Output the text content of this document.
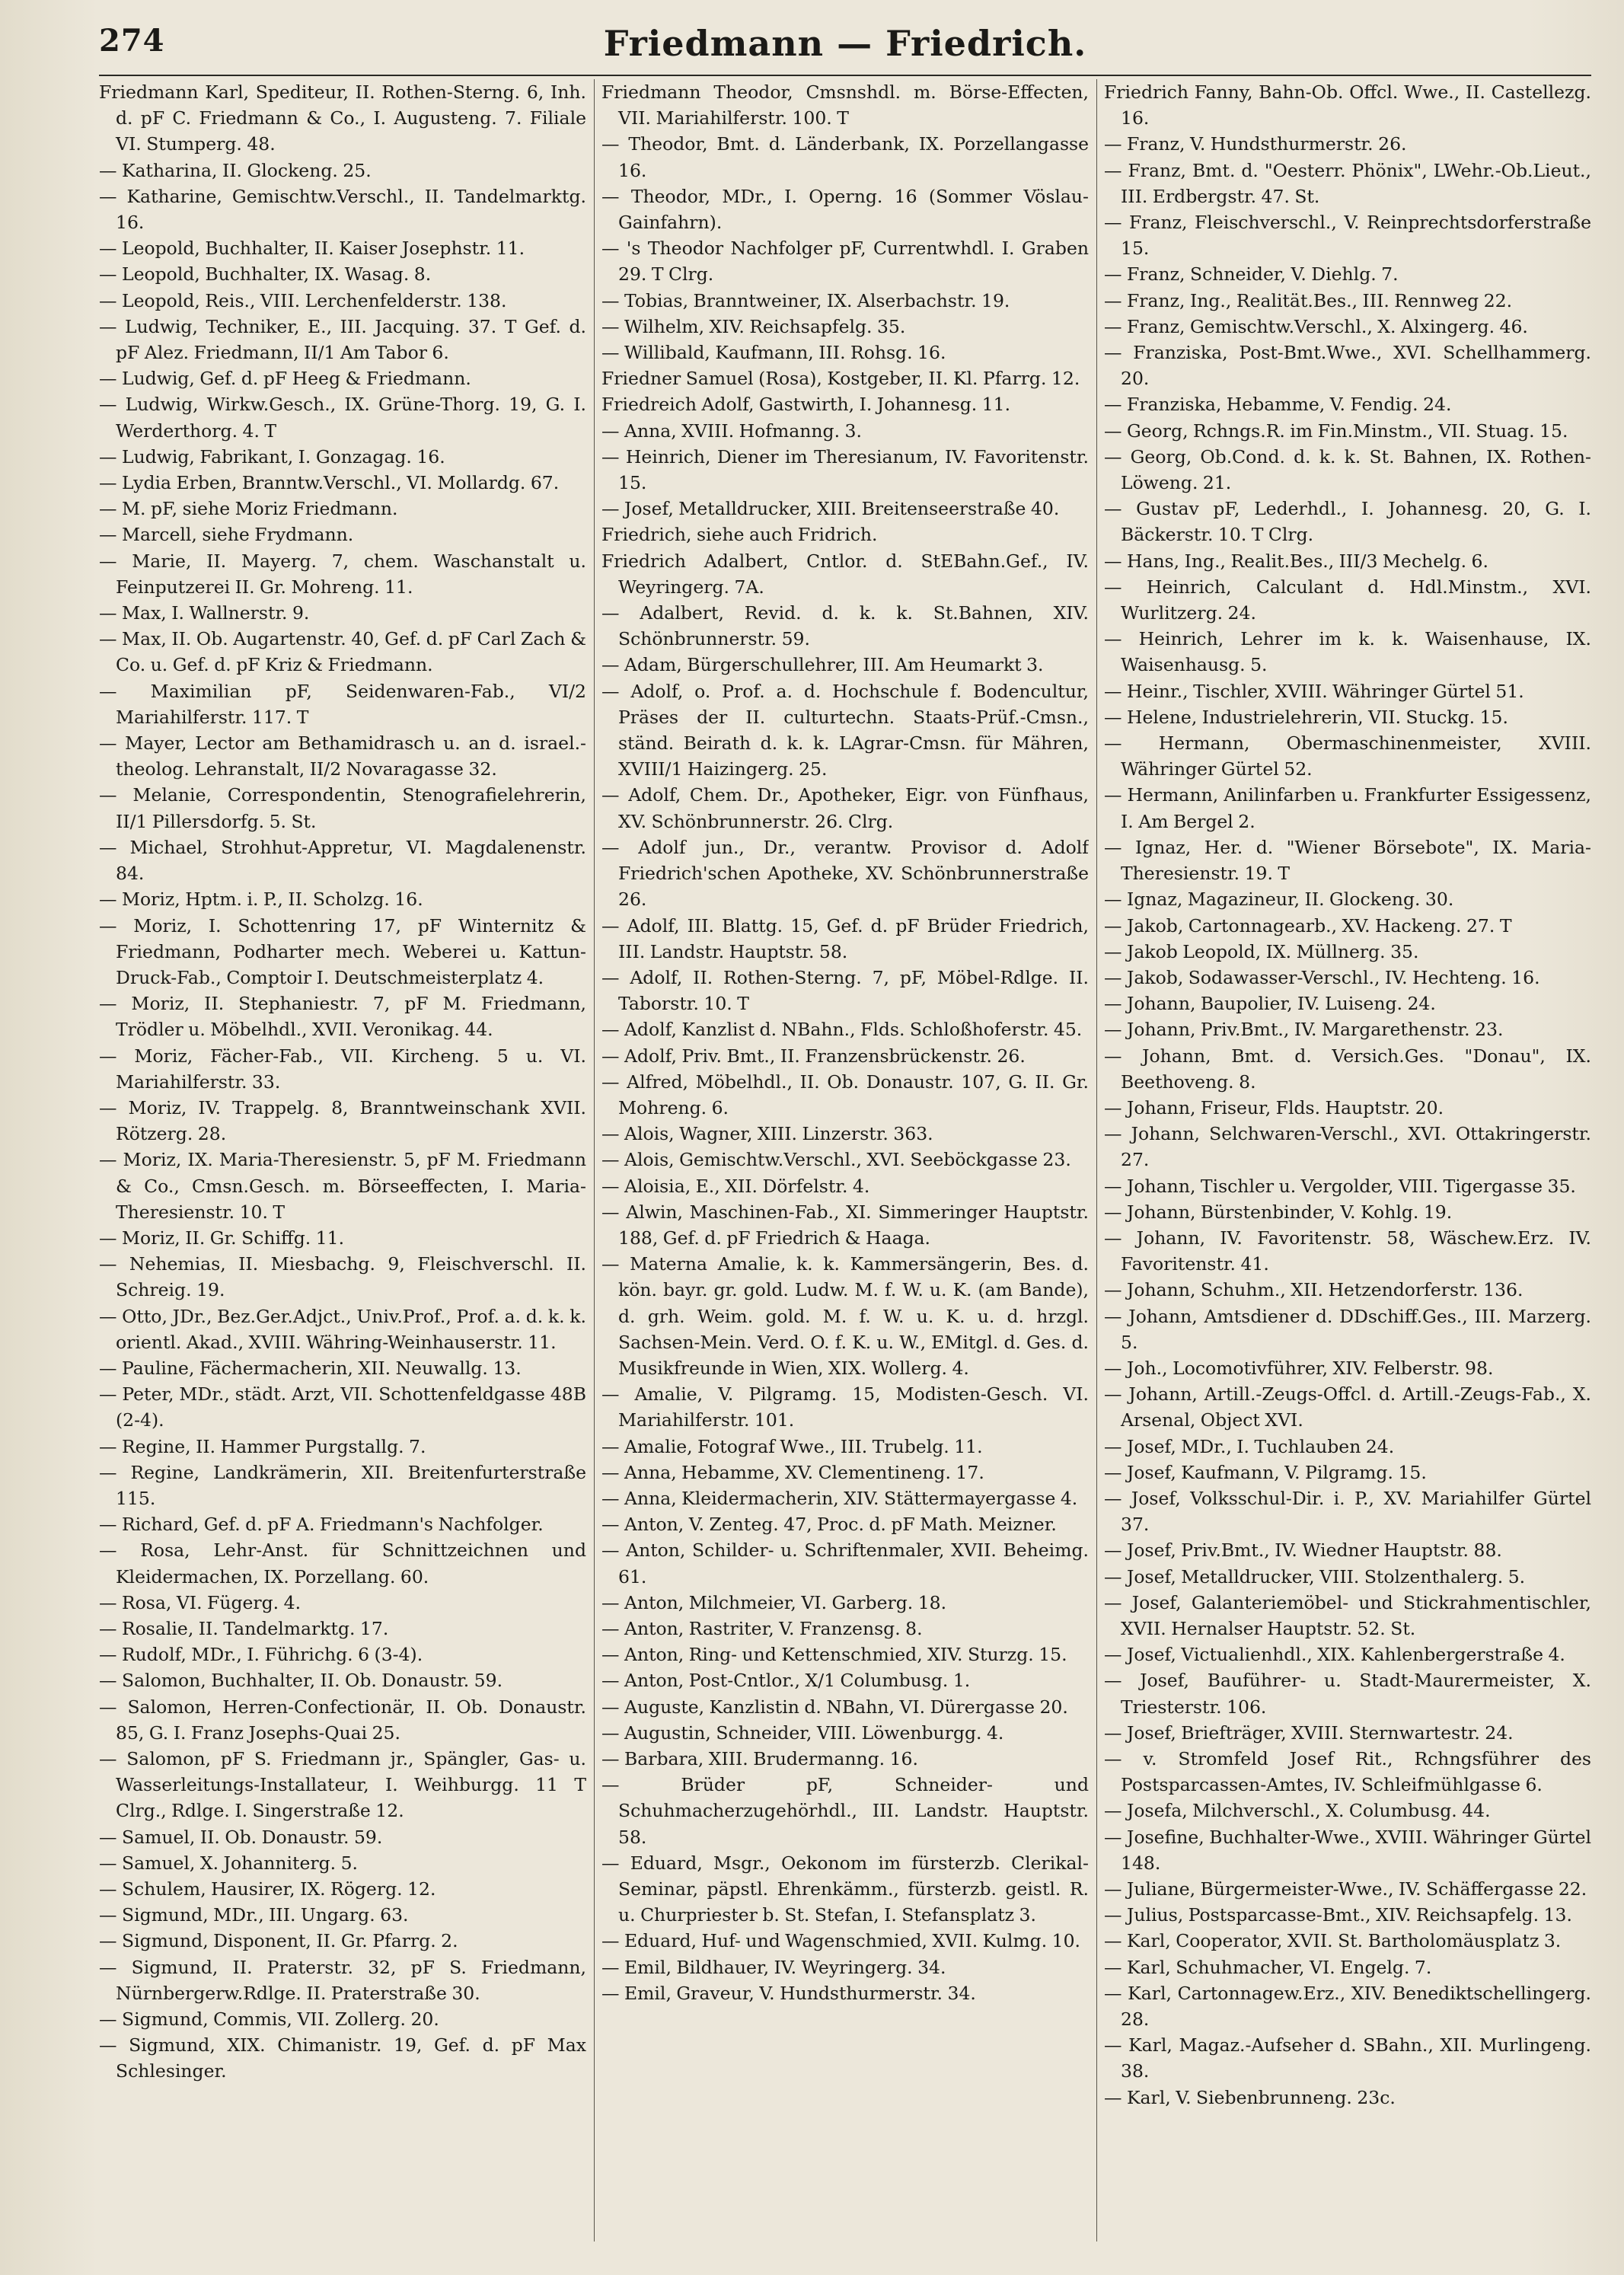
274	Friedmann — Friedrich.
Friedmann Karl, Spediteur, II. Rothen-Sterng. 6, Inh. d. pF C. Friedmann & Co., I. Augusteng. 7. Filiale VI. Stumperg. 48.
— Katharina, II. Glockeng. 25.
— Katharine, Gemischtw.Verschl., II. Tandelmarktg. 16.
— Leopold, Buchhalter, II. Kaiser Josephstr. 11.
— Leopold, Buchhalter, IX. Wasag. 8.
— Leopold, Reis., VIII. Lerchenfelderstr. 138.
— Ludwig, Techniker, E., III. Jacquing. 37. T Gef. d. pF Alez. Friedmann, II/1 Am Tabor 6.
— Ludwig, Gef. d. pF Heeg & Friedmann.
— Ludwig, Wirkw.Gesch., IX. Grüne-Thorg. 19, G. I. Werderthorg. 4. T
— Ludwig, Fabrikant, I. Gonzagag. 16.
— Lydia Erben, Branntw.Verschl., VI. Mollardg. 67.
— M. pF, siehe Moriz Friedmann.
— Marcell, siehe Frydmann.
— Marie, II. Mayerg. 7, chem. Waschanstalt u. Feinputzerei II. Gr. Mohreng. 11.
— Max, I. Wallnerstr. 9.
— Max, II. Ob. Augartenstr. 40, Gef. d. pF Carl Zach & Co. u. Gef. d. pF Kriz & Friedmann.
— Maximilian pF, Seidenwaren-Fab., VI/2 Mariahilferstr. 117. T
— Mayer, Lector am Bethamidrasch u. an d. israel.-theolog. Lehranstalt, II/2 Novaragasse 32.
— Melanie, Correspondentin, Stenografielehrerin, II/1 Pillersdorfg. 5. St.
— Michael, Strohhut-Appretur, VI. Magdalenenstr. 84.
— Moriz, Hptm. i. P., II. Scholzg. 16.
— Moriz, I. Schottenring 17, pF Winternitz & Friedmann, Podharter mech. Weberei u. Kattun-Druck-Fab., Comptoir I. Deutschmeisterplatz 4.
— Moriz, II. Stephaniestr. 7, pF M. Friedmann, Trödler u. Möbelhdl., XVII. Veronikag. 44.
— Moriz, Fächer-Fab., VII. Kircheng. 5 u. VI. Mariahilferstr. 33.
— Moriz, IV. Trappelg. 8, Branntweinschank XVII. Rötzerg. 28.
— Moriz, IX. Maria-Theresienstr. 5, pF M. Friedmann & Co., Cmsn.Gesch. m. Börseeffecten, I. Maria-Theresienstr. 10. T
— Moriz, II. Gr. Schiffg. 11.
— Nehemias, II. Miesbachg. 9, Fleischverschl. II. Schreig. 19.
— Otto, JDr., Bez.Ger.Adjct., Univ.Prof., Prof. a. d. k. k. orientl. Akad., XVIII. Währing-Weinhauserstr. 11.
— Pauline, Fächermacherin, XII. Neuwallg. 13.
— Peter, MDr., städt. Arzt, VII. Schottenfeldgasse 48B (2-4).
— Regine, II. Hammer Purgstallg. 7.
— Regine, Landkrämerin, XII. Breitenfurterstraße 115.
— Richard, Gef. d. pF A. Friedmann's Nachfolger.
— Rosa, Lehr-Anst. für Schnittzeichnen und Kleidermachen, IX. Porzellang. 60.
— Rosa, VI. Fügerg. 4.
— Rosalie, II. Tandelmarktg. 17.
— Rudolf, MDr., I. Führichg. 6 (3-4).
— Salomon, Buchhalter, II. Ob. Donaustr. 59.
— Salomon, Herren-Confectionär, II. Ob. Donaustr. 85, G. I. Franz Josephs-Quai 25.
— Salomon, pF S. Friedmann jr., Spängler, Gas- u. Wasserleitungs-Installateur, I. Weihburgg. 11 T Clrg., Rdlge. I. Singerstraße 12.
— Samuel, II. Ob. Donaustr. 59.
— Samuel, X. Johanniterg. 5.
— Schulem, Hausirer, IX. Rögerg. 12.
— Sigmund, MDr., III. Ungarg. 63.
— Sigmund, Disponent, II. Gr. Pfarrg. 2.
— Sigmund, II. Praterstr. 32, pF S. Friedmann, Nürnbergerw.Rdlge. II. Praterstraße 30.
— Sigmund, Commis, VII. Zollerg. 20.
— Sigmund, XIX. Chimanistr. 19, Gef. d. pF Max Schlesinger.
Friedmann Theodor, Cmsnshdl. m. Börse-Effecten, VII. Mariahilferstr. 100. T
— Theodor, Bmt. d. Länderbank, IX. Porzellangasse 16.
— Theodor, MDr., I. Operng. 16 (Sommer Vöslau-Gainfahrn).
— 's Theodor Nachfolger pF, Currentwhdl. I. Graben 29. T Clrg.
— Tobias, Branntweiner, IX. Alserbachstr. 19.
— Wilhelm, XIV. Reichsapfelg. 35.
— Willibald, Kaufmann, III. Rohsg. 16.
Friedner Samuel (Rosa), Kostgeber, II. Kl. Pfarrg. 12.
Friedreich Adolf, Gastwirth, I. Johannesg. 11.
— Anna, XVIII. Hofmanng. 3.
— Heinrich, Diener im Theresianum, IV. Favoritenstr. 15.
— Josef, Metalldrucker, XIII. Breitenseerstraße 40.
Friedrich, siehe auch Fridrich.
Friedrich Adalbert, Cntlor. d. StEBahn.Gef., IV. Weyringerg. 7A.
— Adalbert, Revid. d. k. k. St.Bahnen, XIV. Schönbrunnerstr. 59.
— Adam, Bürgerschullehrer, III. Am Heumarkt 3.
— Adolf, o. Prof. a. d. Hochschule f. Bodencultur, Präses der II. culturtechn. Staats-Prüf.-Cmsn., ständ. Beirath d. k. k. LAgrar-Cmsn. für Mähren, XVIII/1 Haizingerg. 25.
— Adolf, Chem. Dr., Apotheker, Eigr. von Fünfhaus, XV. Schönbrunnerstr. 26. Clrg.
— Adolf jun., Dr., verantw. Provisor d. Adolf Friedrich'schen Apotheke, XV. Schönbrunnerstraße 26.
— Adolf, III. Blattg. 15, Gef. d. pF Brüder Friedrich, III. Landstr. Hauptstr. 58.
— Adolf, II. Rothen-Sterng. 7, pF, Möbel-Rdlge. II. Taborstr. 10. T
— Adolf, Kanzlist d. NBahn., Flds. Schloßhoferstr. 45.
— Adolf, Priv. Bmt., II. Franzensbrückenstr. 26.
— Alfred, Möbelhdl., II. Ob. Donaustr. 107, G. II. Gr. Mohreng. 6.
— Alois, Wagner, XIII. Linzerstr. 363.
— Alois, Gemischtw.Verschl., XVI. Seeböckgasse 23.
— Aloisia, E., XII. Dörfelstr. 4.
— Alwin, Maschinen-Fab., XI. Simmeringer Hauptstr. 188, Gef. d. pF Friedrich & Haaga.
— Materna Amalie, k. k. Kammersängerin, Bes. d. kön. bayr. gr. gold. Ludw. M. f. W. u. K. (am Bande), d. grh. Weim. gold. M. f. W. u. K. u. d. hrzgl. Sachsen-Mein. Verd. O. f. K. u. W., EMitgl. d. Ges. d. Musikfreunde in Wien, XIX. Wollerg. 4.
— Amalie, V. Pilgramg. 15, Modisten-Gesch. VI. Mariahilferstr. 101.
— Amalie, Fotograf Wwe., III. Trubelg. 11.
— Anna, Hebamme, XV. Clementineng. 17.
— Anna, Kleidermacherin, XIV. Stättermayergasse 4.
— Anton, V. Zenteg. 47, Proc. d. pF Math. Meizner.
— Anton, Schilder- u. Schriftenmaler, XVII. Beheimg. 61.
— Anton, Milchmeier, VI. Garberg. 18.
— Anton, Rastriter, V. Franzensg. 8.
— Anton, Ring- und Kettenschmied, XIV. Sturzg. 15.
— Anton, Post-Cntlor., X/1 Columbusg. 1.
— Auguste, Kanzlistin d. NBahn, VI. Dürergasse 20.
— Augustin, Schneider, VIII. Löwenburgg. 4.
— Barbara, XIII. Brudermanng. 16.
— Brüder pF, Schneider- und Schuhmacherzugehörhdl., III. Landstr. Hauptstr. 58.
— Eduard, Msgr., Oekonom im fürsterzb. Clerikal-Seminar, päpstl. Ehrenkämm., fürsterzb. geistl. R. u. Churpriester b. St. Stefan, I. Stefansplatz 3.
— Eduard, Huf- und Wagenschmied, XVII. Kulmg. 10.
— Emil, Bildhauer, IV. Weyringerg. 34.
— Emil, Graveur, V. Hundsthurmerstr. 34.
Friedrich Fanny, Bahn-Ob. Offcl. Wwe., II. Castellezg. 16.
— Franz, V. Hundsthurmerstr. 26.
— Franz, Bmt. d. "Oesterr. Phönix", LWehr.-Ob.Lieut., III. Erdbergstr. 47. St.
— Franz, Fleischverschl., V. Reinprechtsdorferstraße 15.
— Franz, Schneider, V. Diehlg. 7.
— Franz, Ing., Realität.Bes., III. Rennweg 22.
— Franz, Gemischtw.Verschl., X. Alxingerg. 46.
— Franziska, Post-Bmt.Wwe., XVI. Schellhammerg. 20.
— Franziska, Hebamme, V. Fendig. 24.
— Georg, Rchngs.R. im Fin.Minstm., VII. Stuag. 15.
— Georg, Ob.Cond. d. k. k. St. Bahnen, IX. Rothen-Löweng. 21.
— Gustav pF, Lederhdl., I. Johannesg. 20, G. I. Bäckerstr. 10. T Clrg.
— Hans, Ing., Realit.Bes., III/3 Mechelg. 6.
— Heinrich, Calculant d. Hdl.Minstm., XVI. Wurlitzerg. 24.
— Heinrich, Lehrer im k. k. Waisenhause, IX. Waisenhausg. 5.
— Heinr., Tischler, XVIII. Währinger Gürtel 51.
— Helene, Industrielehrerin, VII. Stuckg. 15.
— Hermann, Obermaschinenmeister, XVIII. Währinger Gürtel 52.
— Hermann, Anilinfarben u. Frankfurter Essigessenz, I. Am Bergel 2.
— Ignaz, Her. d. "Wiener Börsebote", IX. Maria-Theresienstr. 19. T
— Ignaz, Magazineur, II. Glockeng. 30.
— Jakob, Cartonnagearb., XV. Hackeng. 27. T
— Jakob Leopold, IX. Müllnerg. 35.
— Jakob, Sodawasser-Verschl., IV. Hechteng. 16.
— Johann, Baupolier, IV. Luiseng. 24.
— Johann, Priv.Bmt., IV. Margarethenstr. 23.
— Johann, Bmt. d. Versich.Ges. "Donau", IX. Beethoveng. 8.
— Johann, Friseur, Flds. Hauptstr. 20.
— Johann, Selchwaren-Verschl., XVI. Ottakringerstr. 27.
— Johann, Tischler u. Vergolder, VIII. Tigergasse 35.
— Johann, Bürstenbinder, V. Kohlg. 19.
— Johann, IV. Favoritenstr. 58, Wäschew.Erz. IV. Favoritenstr. 41.
— Johann, Schuhm., XII. Hetzendorferstr. 136.
— Johann, Amtsdiener d. DDschiff.Ges., III. Marzerg. 5.
— Joh., Locomotivführer, XIV. Felberstr. 98.
— Johann, Artill.-Zeugs-Offcl. d. Artill.-Zeugs-Fab., X. Arsenal, Object XVI.
— Josef, MDr., I. Tuchlauben 24.
— Josef, Kaufmann, V. Pilgramg. 15.
— Josef, Volksschul-Dir. i. P., XV. Mariahilfer Gürtel 37.
— Josef, Priv.Bmt., IV. Wiedner Hauptstr. 88.
— Josef, Metalldrucker, VIII. Stolzenthalerg. 5.
— Josef, Galanteriemöbel- und Stickrahmentischler, XVII. Hernalser Hauptstr. 52. St.
— Josef, Victualienhdl., XIX. Kahlenbergerstraße 4.
— Josef, Bauführer- u. Stadt-Maurermeister, X. Triesterstr. 106.
— Josef, Briefträger, XVIII. Sternwartestr. 24.
— v. Stromfeld Josef Rit., Rchngsführer des Postsparcassen-Amtes, IV. Schleifmühlgasse 6.
— Josefa, Milchverschl., X. Columbusg. 44.
— Josefine, Buchhalter-Wwe., XVIII. Währinger Gürtel 148.
— Juliane, Bürgermeister-Wwe., IV. Schäffergasse 22.
— Julius, Postsparcasse-Bmt., XIV. Reichsapfelg. 13.
— Karl, Cooperator, XVII. St. Bartholomäusplatz 3.
— Karl, Schuhmacher, VI. Engelg. 7.
— Karl, Cartonnagew.Erz., XIV. Benediktschellingerg. 28.
— Karl, Magaz.-Aufseher d. SBahn., XII. Murlingeng. 38.
— Karl, V. Siebenbrunneng. 23c.
